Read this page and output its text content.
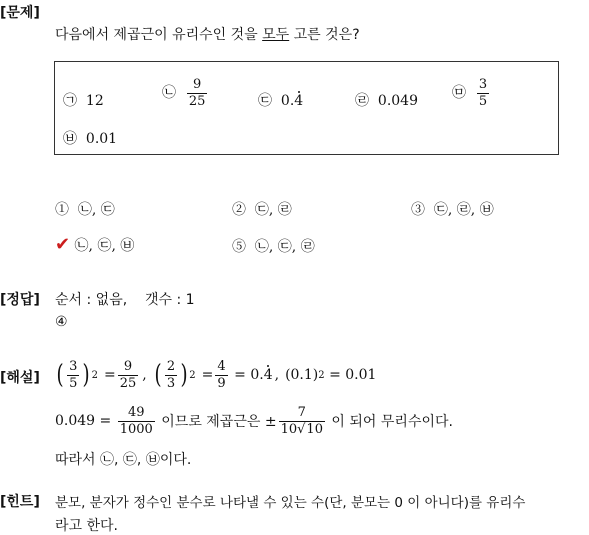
[문제]
다음에서 제곱근이 유리수인 것을 모두 고른 것은?
㉠ 12	㉡ $\frac{9}{25}$	㉢ 0.4	㉣ 0.049 ㉤ $\frac{3}{5}$
㉥ 0.01
① ㉡, ㉢	② ㉢, ㉣	③ ㉢, ㉣, ㉥
✔ ㉡, ㉢, ㉥	⑤ ㉡, ㉢, ㉣
[정답] 순서 : 없음, 갯수 : 1
④
[해설] ( $\frac{3}{5}$ ) $2 = \frac{9}{25}$ , ( $\frac{2}{3}$ ) $2 = \frac{4}{9}$
= 0. 4 , (0.1) 2
= 0.01
0.049 =
$\frac{49}{1000}$
이므로 제곱근은 ± $\frac{7}{10√10}$
이 되어 무리수이다.
따라서 ㉡, ㉢, ㉥이다.
[힌트] 분모, 분자가 정수인 분수로 나타낼 수 있는 수(단, 분모는 0 이 아니다)를 유리수
라고 한다.
